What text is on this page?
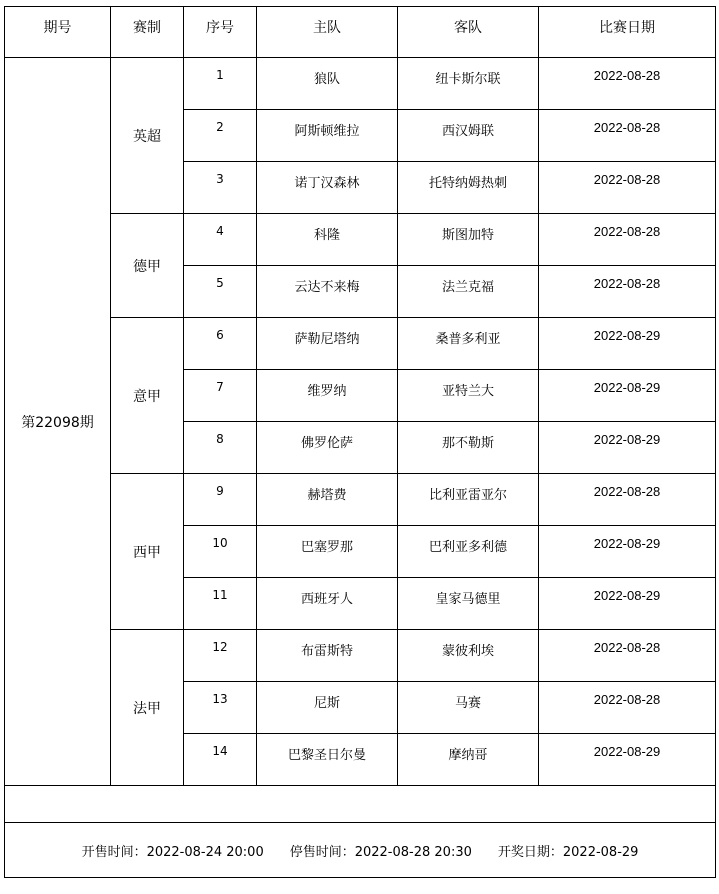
期号	赛制	序号	主队	客队	比赛日期
第22098期	英超	1	狼队	纽卡斯尔联	2022-08-28
		2	阿斯顿维拉	西汉姆联	2022-08-28
		3	诺丁汉森林	托特纳姆热刺	2022-08-28
	德甲	4	科隆	斯图加特	2022-08-28
		5	云达不来梅	法兰克福	2022-08-28
	意甲	6	萨勒尼塔纳	桑普多利亚	2022-08-29
		7	维罗纳	亚特兰大	2022-08-29
		8	佛罗伦萨	那不勒斯	2022-08-29
	西甲	9	赫塔费	比利亚雷亚尔	2022-08-28
		10	巴塞罗那	巴利亚多利德	2022-08-29
		11	西班牙人	皇家马德里	2022-08-29
	法甲	12	布雷斯特	蒙彼利埃	2022-08-28
		13	尼斯	马赛	2022-08-28
		14	巴黎圣日尔曼	摩纳哥	2022-08-29

开售时间：2022-08-24 20:00 停售时间：2022-08-28 20:30 开奖日期：2022-08-29					
